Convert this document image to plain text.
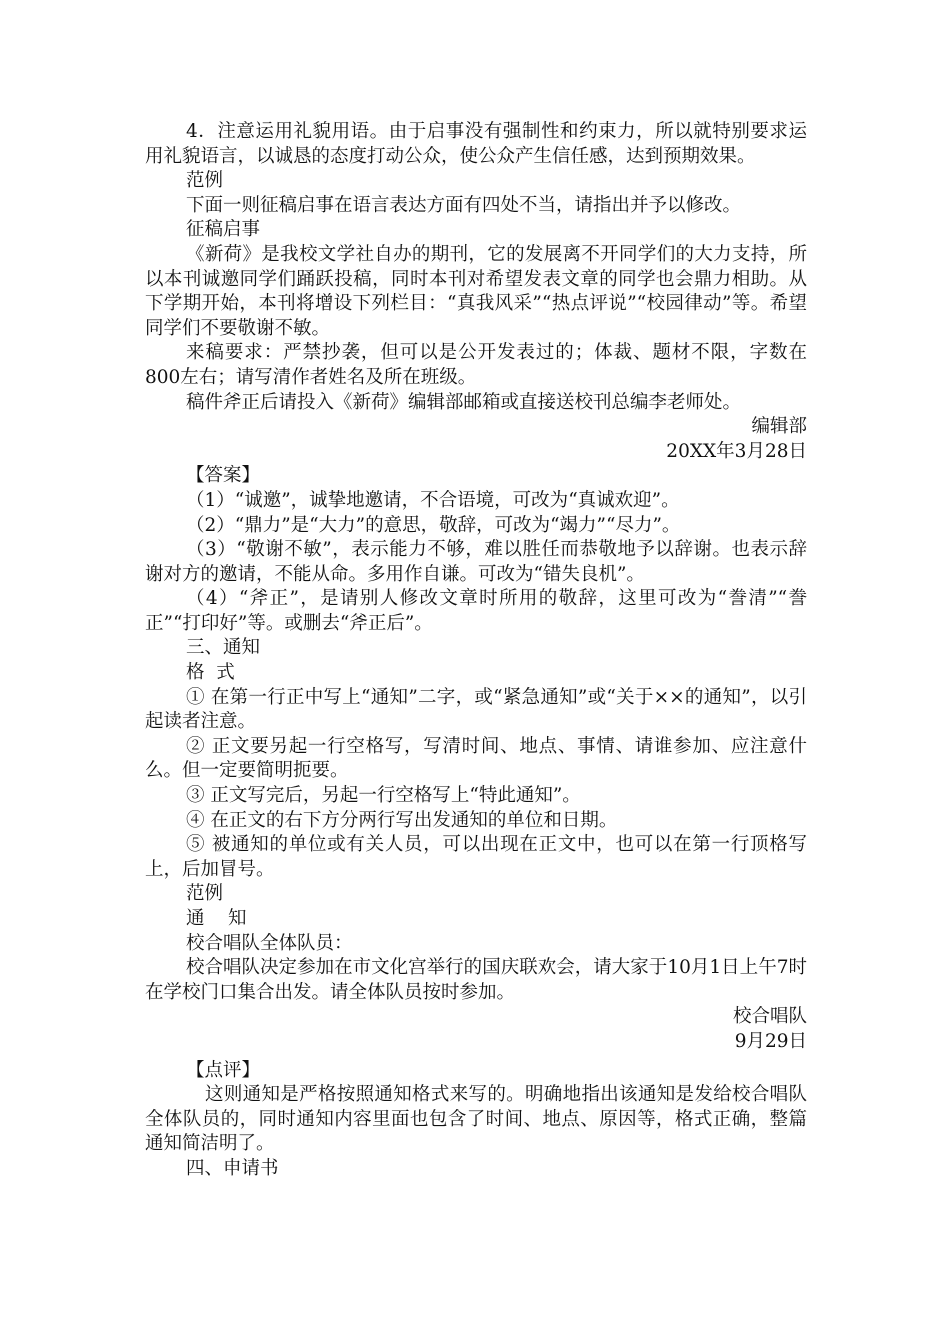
4．注意运用礼貌用语。由于启事没有强制性和约束力，所以就特别要求运用礼貌语言，以诚恳的态度打动公众，使公众产生信任感，达到预期效果。

范例

下面一则征稿启事在语言表达方面有四处不当，请指出并予以修改。

征稿启事

《新荷》是我校文学社自办的期刊，它的发展离不开同学们的大力支持，所以本刊诚邀同学们踊跃投稿，同时本刊对希望发表文章的同学也会鼎力相助。从下学期开始，本刊将增设下列栏目：“真我风采”“热点评说”“校园律动”等。希望同学们不要敬谢不敏。

来稿要求：严禁抄袭，但可以是公开发表过的；体裁、题材不限，字数在800左右；请写清作者姓名及所在班级。

稿件斧正后请投入《新荷》编辑部邮箱或直接送校刊总编李老师处。

编辑部

20XX年3月28日

【答案】

（1）“诚邀”，诚挚地邀请，不合语境，可改为“真诚欢迎”。

（2）“鼎力”是“大力”的意思，敬辞，可改为“竭力”“尽力”。

（3）“敬谢不敏”，表示能力不够，难以胜任而恭敬地予以辞谢。也表示辞谢对方的邀请，不能从命。多用作自谦。可改为“错失良机”。

（4）“斧正”，是请别人修改文章时所用的敬辞，这里可改为“誊清”“誊正”“打印好”等。或删去“斧正后”。

三、通知

格  式

① 在第一行正中写上“通知”二字，或“紧急通知”或“关于××的通知”，以引起读者注意。

② 正文要另起一行空格写，写清时间、地点、事情、请谁参加、应注意什么。但一定要简明扼要。

③ 正文写完后，另起一行空格写上“特此通知”。

④ 在正文的右下方分两行写出发通知的单位和日期。

⑤ 被通知的单位或有关人员，可以出现在正文中，也可以在第一行顶格写上，后加冒号。

范例

通    知

校合唱队全体队员：

校合唱队决定参加在市文化宫举行的国庆联欢会，请大家于10月1日上午7时在学校门口集合出发。请全体队员按时参加。

校合唱队

9月29日

【点评】

这则通知是严格按照通知格式来写的。明确地指出该通知是发给校合唱队全体队员的，同时通知内容里面也包含了时间、地点、原因等，格式正确，整篇通知简洁明了。

四、申请书
